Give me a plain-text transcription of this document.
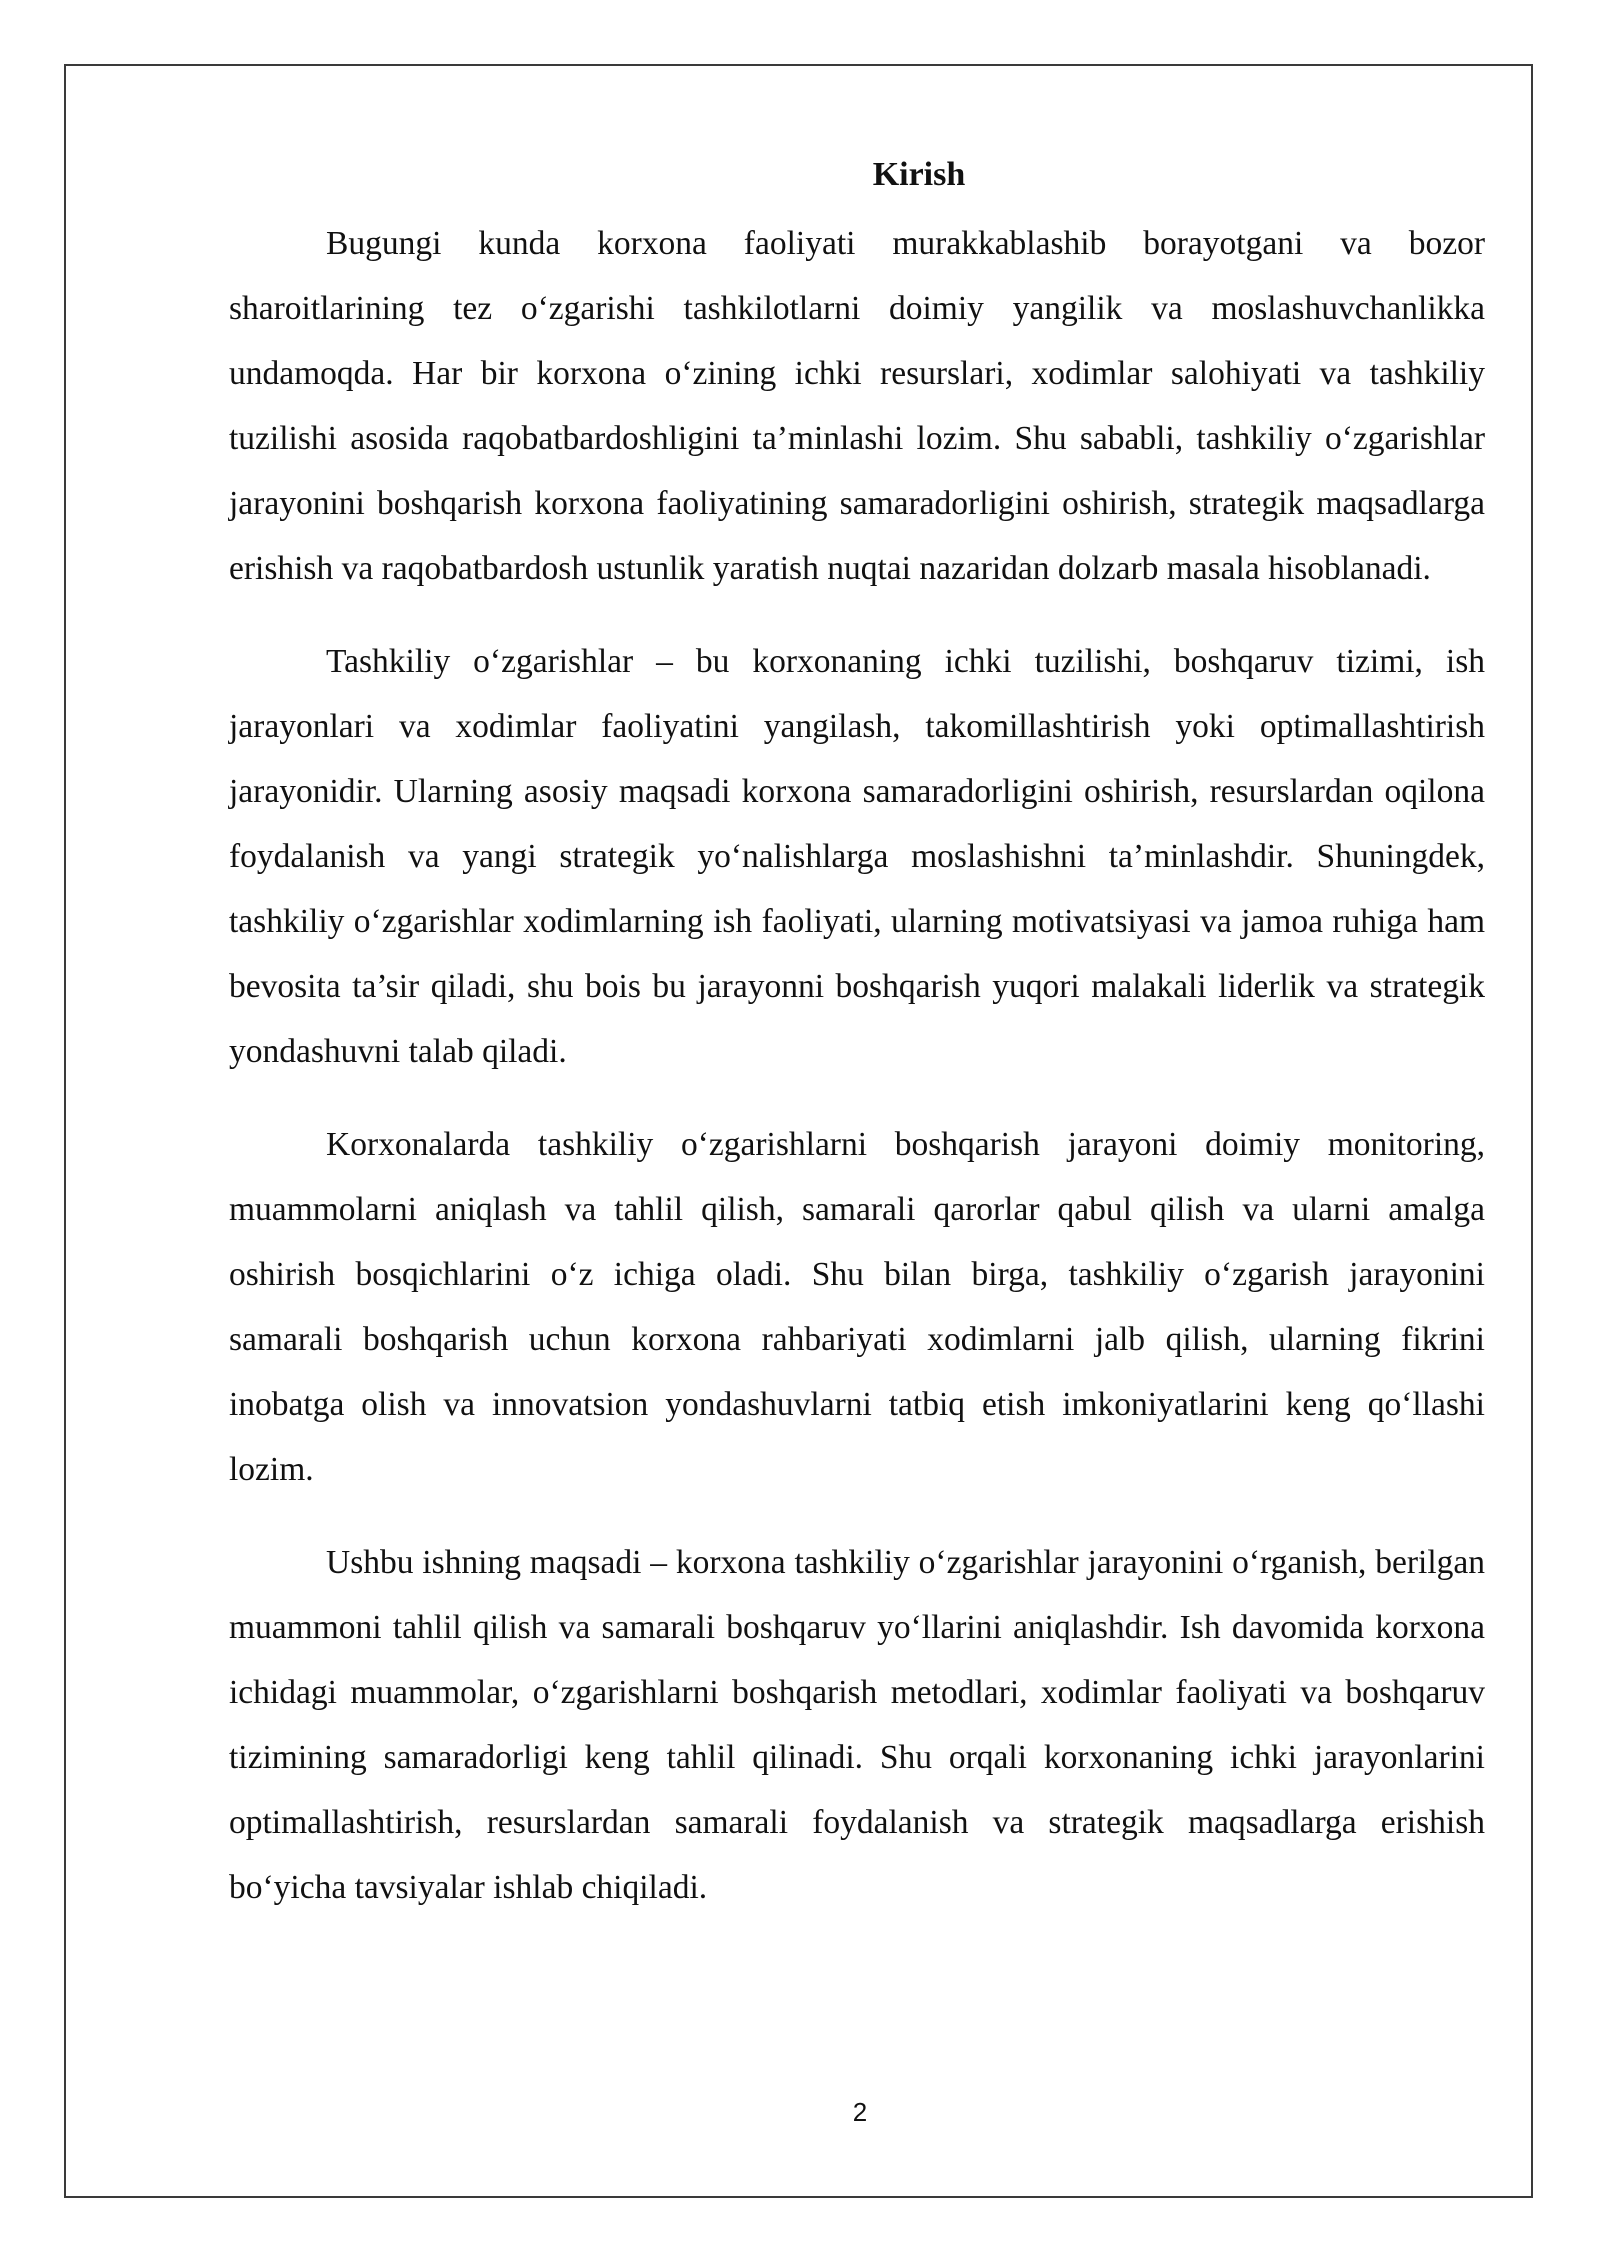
Kirish

Bugungi kunda korxona faoliyati murakkablashib borayotgani va bozor sharoitlarining tez o‘zgarishi tashkilotlarni doimiy yangilik va moslashuvchanlikka undamoqda. Har bir korxona o‘zining ichki resurslari, xodimlar salohiyati va tashkiliy tuzilishi asosida raqobatbardoshligini ta’minlashi lozim. Shu sababli, tashkiliy o‘zgarishlar jarayonini boshqarish korxona faoliyatining samaradorligini oshirish, strategik maqsadlarga erishish va raqobatbardosh ustunlik yaratish nuqtai nazaridan dolzarb masala hisoblanadi.

Tashkiliy o‘zgarishlar – bu korxonaning ichki tuzilishi, boshqaruv tizimi, ish jarayonlari va xodimlar faoliyatini yangilash, takomillashtirish yoki optimallashtirish jarayonidir. Ularning asosiy maqsadi korxona samaradorligini oshirish, resurslardan oqilona foydalanish va yangi strategik yo‘nalishlarga moslashishni ta’minlashdir. Shuningdek, tashkiliy o‘zgarishlar xodimlarning ish faoliyati, ularning motivatsiyasi va jamoa ruhiga ham bevosita ta’sir qiladi, shu bois bu jarayonni boshqarish yuqori malakali liderlik va strategik yondashuvni talab qiladi.

Korxonalarda tashkiliy o‘zgarishlarni boshqarish jarayoni doimiy monitoring, muammolarni aniqlash va tahlil qilish, samarali qarorlar qabul qilish va ularni amalga oshirish bosqichlarini o‘z ichiga oladi. Shu bilan birga, tashkiliy o‘zgarish jarayonini samarali boshqarish uchun korxona rahbariyati xodimlarni jalb qilish, ularning fikrini inobatga olish va innovatsion yondashuvlarni tatbiq etish imkoniyatlarini keng qo‘llashi lozim.

Ushbu ishning maqsadi – korxona tashkiliy o‘zgarishlar jarayonini o‘rganish, berilgan muammoni tahlil qilish va samarali boshqaruv yo‘llarini aniqlashdir. Ish davomida korxona ichidagi muammolar, o‘zgarishlarni boshqarish metodlari, xodimlar faoliyati va boshqaruv tizimining samaradorligi keng tahlil qilinadi. Shu orqali korxonaning ichki jarayonlarini optimallashtirish, resurslardan samarali foydalanish va strategik maqsadlarga erishish bo‘yicha tavsiyalar ishlab chiqiladi.

2
